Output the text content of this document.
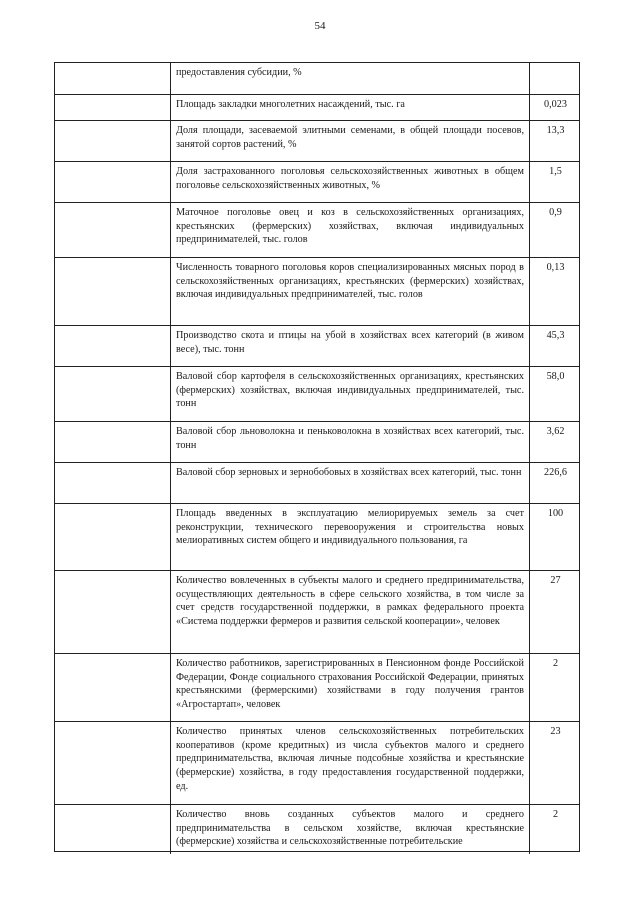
54
предоставления субсидии, %
Площадь закладки многолетних насаждений, тыс. га	0,023
Доля площади, засеваемой элитными семенами, в общей площади посевов, занятой сортов растений, %
13,3
Доля застрахованного поголовья сельскохозяйственных животных в общем поголовье сельскохозяйственных животных, %
1,5
Маточное поголовье овец и коз в сельскохозяйственных организациях, крестьянских (фермерских) хозяйствах, включая индивидуальных предпринимателей, тыс. голов
0,9
Численность товарного поголовья коров специализированных мясных пород в сельскохозяйственных организациях, крестьянских (фермерских) хозяйствах, включая индивидуальных предпринимателей, тыс. голов
0,13
Производство скота и птицы на убой в хозяйствах всех категорий (в живом весе), тыс. тонн
45,3
Валовой сбор картофеля в сельскохозяйственных организациях, крестьянских (фермерских) хозяйствах, включая индивидуальных предпринимателей, тыс. тонн
58,0
Валовой сбор льноволокна и пеньковолокна в хозяйствах всех категорий, тыс. тонн
3,62
Валовой сбор зерновых и зернобобовых в хозяйствах всех категорий, тыс. тонн	226,6
Площадь введенных в эксплуатацию мелиорируемых земель за счет реконструкции, технического перевооружения и строительства новых мелиоративных систем общего и индивидуального пользования, га
100
Количество вовлеченных в субъекты малого и среднего предпринимательства, осуществляющих деятельность в сфере сельского хозяйства, в том числе за счет средств государственной поддержки, в рамках федерального проекта «Система поддержки фермеров и развития сельской кооперации», человек
27
Количество работников, зарегистрированных в Пенсионном фонде Российской Федерации, Фонде социального страхования Российской Федерации, принятых крестьянскими (фермерскими) хозяйствами в году получения грантов «Агростартап», человек
2
Количество принятых членов сельскохозяйственных потребительских кооперативов (кроме кредитных) из числа субъектов малого и среднего предпринимательства, включая личные подсобные хозяйства и крестьянские (фермерские) хозяйства, в году предоставления государственной поддержки, ед.
23
Количество вновь созданных субъектов малого и среднего предпринимательства в сельском хозяйстве, включая крестьянские (фермерские) хозяйства и сельскохозяйственные потребительские
2
